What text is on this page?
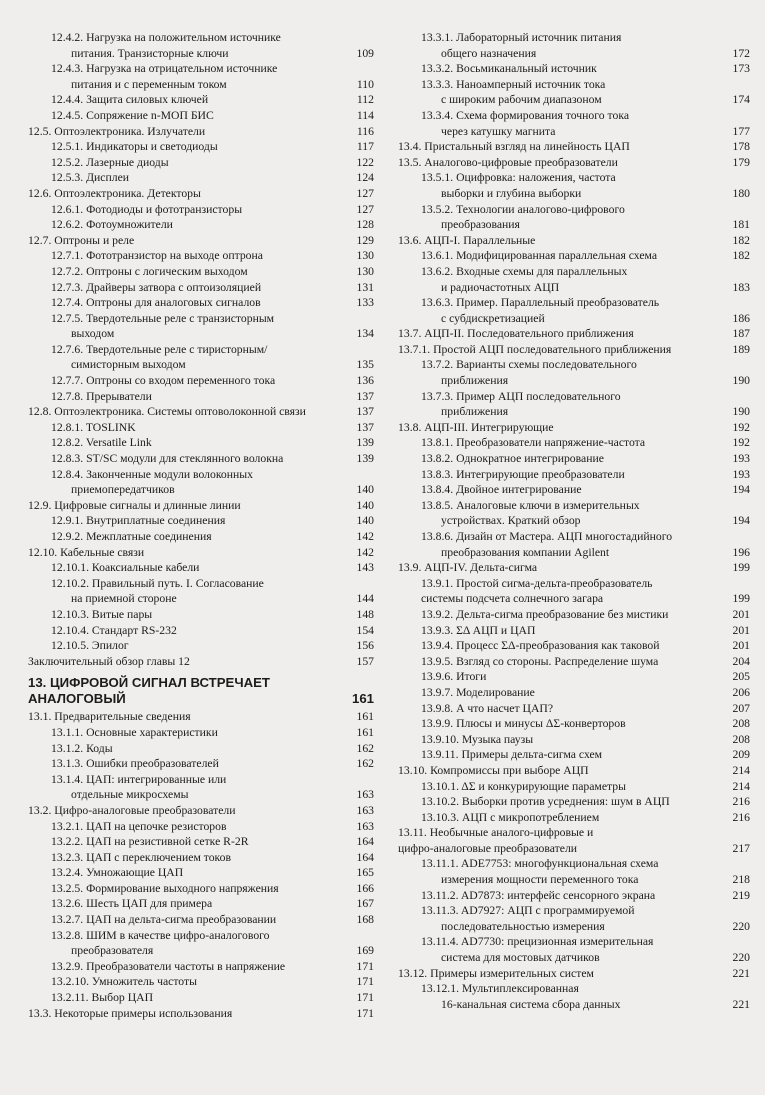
12.4.2. Нагрузка на положительном источнике
питания. Транзисторные ключи	109
12.4.3. Нагрузка на отрицательном источнике
питания и с переменным током	110
12.4.4. Защита силовых ключей	112
12.4.5. Сопряжение n-МОП БИС	114
12.5. Оптоэлектроника. Излучатели	116
12.5.1. Индикаторы и светодиоды	117
12.5.2. Лазерные диоды	122
12.5.3. Дисплеи	124
12.6. Оптоэлектроника. Детекторы	127
12.6.1. Фотодиоды и фототранзисторы	127
12.6.2. Фотоумножители	128
12.7. Оптроны и реле	129
12.7.1. Фототранзистор на выходе оптрона	130
12.7.2. Оптроны с логическим выходом	130
12.7.3. Драйверы затвора с оптоизоляцией	131
12.7.4. Оптроны для аналоговых сигналов	133
12.7.5. Твердотельные реле с транзисторным
выходом	134
12.7.6. Твердотельные реле с тиристорным/
симисторным выходом	135
12.7.7. Оптроны со входом переменного тока	136
12.7.8. Прерыватели	137
12.8. Оптоэлектроника. Системы оптоволоконной связи	137
12.8.1. TOSLINK	137
12.8.2. Versatile Link	139
12.8.3. ST/SC модули для стеклянного волокна	139
12.8.4. Законченные модули волоконных
приемопередатчиков	140
12.9. Цифровые сигналы и длинные линии	140
12.9.1. Внутриплатные соединения	140
12.9.2. Межплатные соединения	142
12.10. Кабельные связи	142
12.10.1. Коаксиальные кабели	143
12.10.2. Правильный путь. I. Согласование
на приемной стороне	144
12.10.3. Витые пары	148
12.10.4. Стандарт RS-232	154
12.10.5. Эпилог	156
Заключительный обзор главы 12	157
13. ЦИФРОВОЙ СИГНАЛ ВСТРЕЧАЕТ
АНАЛОГОВЫЙ	161
13.1. Предварительные сведения	161
13.1.1. Основные характеристики	161
13.1.2. Коды	162
13.1.3. Ошибки преобразователей	162
13.1.4. ЦАП: интегрированные или
отдельные микросхемы	163
13.2. Цифро-аналоговые преобразователи	163
13.2.1. ЦАП на цепочке резисторов	163
13.2.2. ЦАП на резистивной сетке R-2R	164
13.2.3. ЦАП с переключением токов	164
13.2.4. Умножающие ЦАП	165
13.2.5. Формирование выходного напряжения	166
13.2.6. Шесть ЦАП для примера	167
13.2.7. ЦАП на дельта-сигма преобразовании	168
13.2.8. ШИМ в качестве цифро-аналогового
преобразователя	169
13.2.9. Преобразователи частоты в напряжение	171
13.2.10. Умножитель частоты	171
13.2.11. Выбор ЦАП	171
13.3. Некоторые примеры использования	171
13.3.1. Лабораторный источник питания
общего назначения	172
13.3.2. Восьмиканальный источник	173
13.3.3. Наноамперный источник тока
с широким рабочим диапазоном	174
13.3.4. Схема формирования точного тока
через катушку магнита	177
13.4. Пристальный взгляд на линейность ЦАП	178
13.5. Аналогово-цифровые преобразователи	179
13.5.1. Оцифровка: наложения, частота
выборки и глубина выборки	180
13.5.2. Технологии аналогово-цифрового
преобразования	181
13.6. АЦП-I. Параллельные	182
13.6.1. Модифицированная параллельная схема	182
13.6.2. Входные схемы для параллельных
и радиочастотных АЦП	183
13.6.3. Пример. Параллельный преобразователь
с субдискретизацией	186
13.7. АЦП-II. Последовательного приближения	187
13.7.1. Простой АЦП последовательного приближения	189
13.7.2. Варианты схемы последовательного
приближения	190
13.7.3. Пример АЦП последовательного
приближения	190
13.8. АЦП-III. Интегрирующие	192
13.8.1. Преобразователи напряжение-частота	192
13.8.2. Однократное интегрирование	193
13.8.3. Интегрирующие преобразователи	193
13.8.4. Двойное интегрирование	194
13.8.5. Аналоговые ключи в измерительных
устройствах. Краткий обзор	194
13.8.6. Дизайн от Мастера. АЦП многостадийного
преобразования компании Agilent	196
13.9. АЦП-IV. Дельта-сигма	199
13.9.1. Простой сигма-дельта-преобразователь
системы подсчета солнечного загара	199
13.9.2. Дельта-сигма преобразование без мистики	201
13.9.3. ΣΔ АЦП и ЦАП	201
13.9.4. Процесс ΣΔ-преобразования как таковой	201
13.9.5. Взгляд со стороны. Распределение шума	204
13.9.6. Итоги	205
13.9.7. Моделирование	206
13.9.8. А что насчет ЦАП?	207
13.9.9. Плюсы и минусы ΔΣ-конверторов	208
13.9.10. Музыка паузы	208
13.9.11. Примеры дельта-сигма схем	209
13.10. Компромиссы при выборе АЦП	214
13.10.1. ΔΣ и конкурирующие параметры	214
13.10.2. Выборки против усреднения: шум в АЦП	216
13.10.3. АЦП с микропотреблением	216
13.11. Необычные аналого-цифровые и
цифро-аналоговые преобразователи	217
13.11.1. ADE7753: многофункциональная схема
измерения мощности переменного тока	218
13.11.2. AD7873: интерфейс сенсорного экрана	219
13.11.3. AD7927: АЦП с программируемой
последовательностью измерения	220
13.11.4. AD7730: прецизионная измерительная
система для мостовых датчиков	220
13.12. Примеры измерительных систем	221
13.12.1. Мультиплексированная
16-канальная система сбора данных	221
